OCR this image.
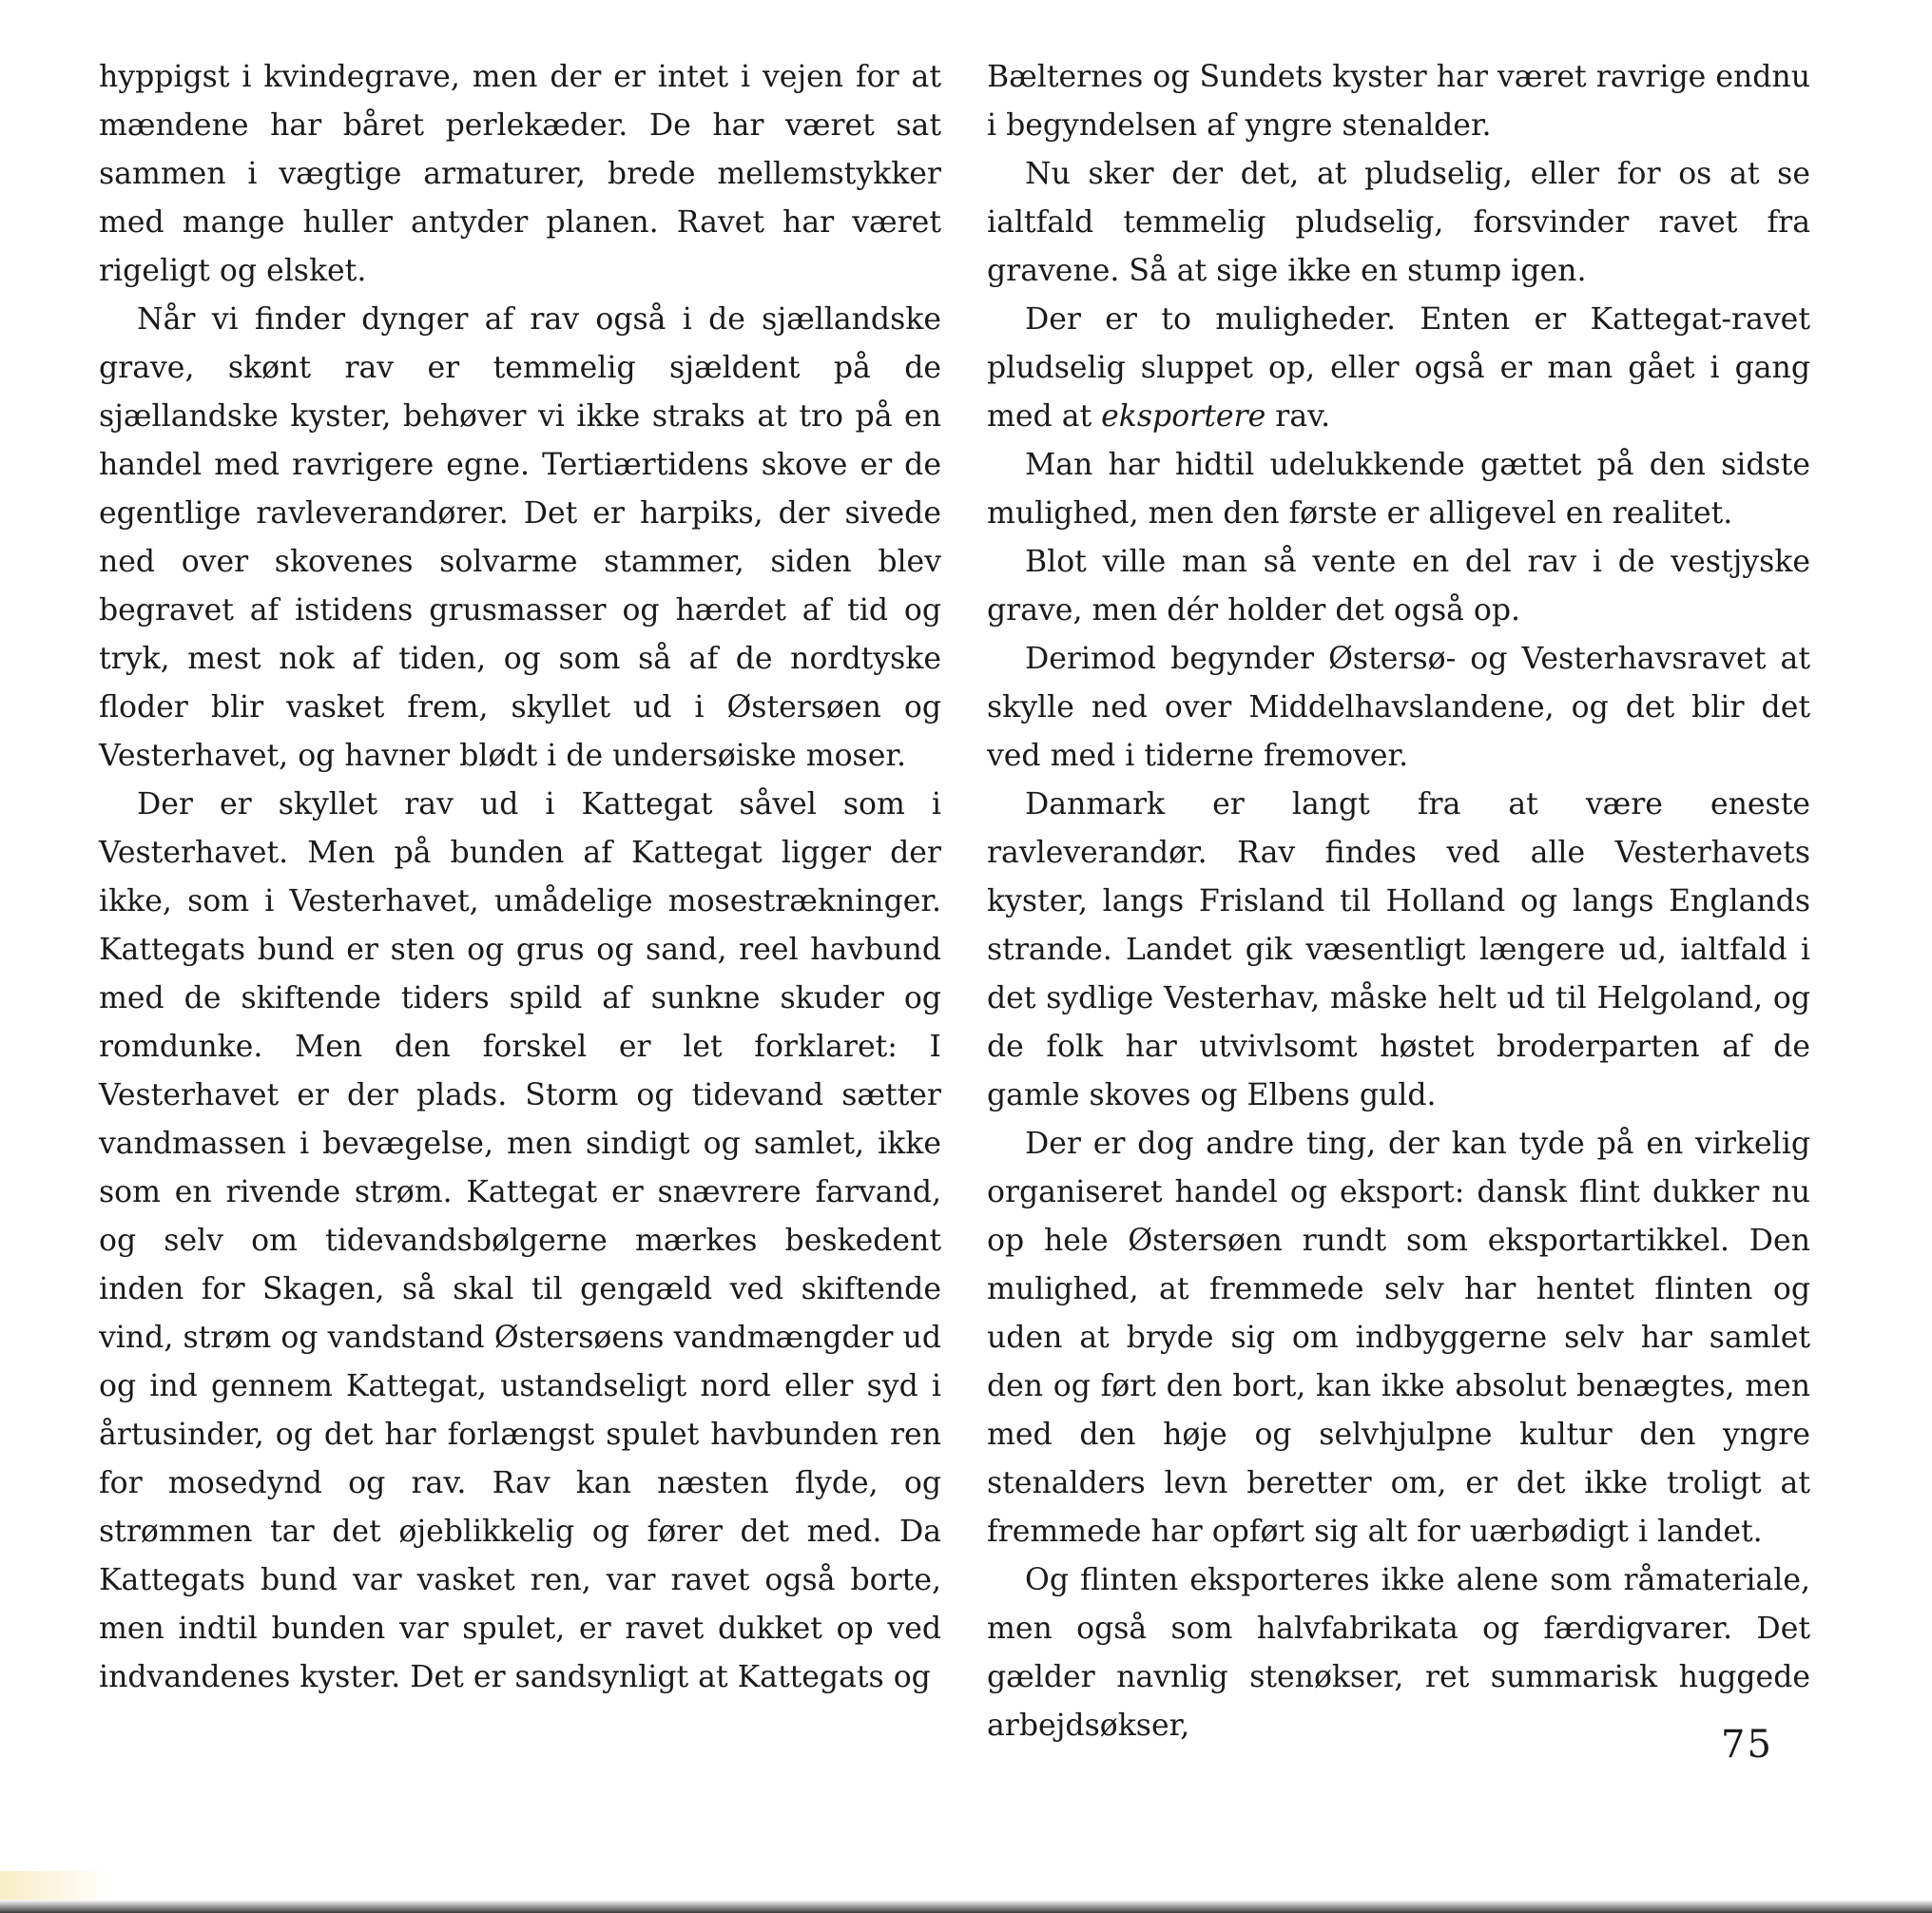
hyppigst i kvindegrave, men der er intet i vejen for at mændene har båret perlekæder. De har været sat sammen i vægtige armaturer, brede mellemstykker med mange huller antyder planen. Ravet har været rigeligt og elsket.

Når vi finder dynger af rav også i de sjællandske grave, skønt rav er temmelig sjældent på de sjællandske kyster, behøver vi ikke straks at tro på en handel med ravrigere egne. Tertiærtidens skove er de egentlige ravleverandører. Det er harpiks, der sivede ned over skovenes solvarme stammer, siden blev begravet af istidens grusmasser og hærdet af tid og tryk, mest nok af tiden, og som så af de nordtyske floder blir vasket frem, skyllet ud i Østersøen og Vesterhavet, og havner blødt i de undersøiske moser.

Der er skyllet rav ud i Kattegat såvel som i Vesterhavet. Men på bunden af Kattegat ligger der ikke, som i Vesterhavet, umådelige mosestrækninger. Kattegats bund er sten og grus og sand, reel havbund med de skiftende tiders spild af sunkne skuder og romdunke. Men den forskel er let forklaret: I Vesterhavet er der plads. Storm og tidevand sætter vandmassen i bevægelse, men sindigt og samlet, ikke som en rivende strøm. Kattegat er snævrere farvand, og selv om tidevandsbølgerne mærkes beskedent inden for Skagen, så skal til gengæld ved skiftende vind, strøm og vandstand Østersøens vandmængder ud og ind gennem Kattegat, ustandseligt nord eller syd i årtusinder, og det har forlængst spulet havbunden ren for mosedynd og rav. Rav kan næsten flyde, og strømmen tar det øjeblikkelig og fører det med. Da Kattegats bund var vasket ren, var ravet også borte, men indtil bunden var spulet, er ravet dukket op ved indvandenes kyster. Det er sandsynligt at Kattegats og

Bælternes og Sundets kyster har været ravrige endnu i begyndelsen af yngre stenalder.

Nu sker der det, at pludselig, eller for os at se ialtfald temmelig pludselig, forsvinder ravet fra gravene. Så at sige ikke en stump igen.

Der er to muligheder. Enten er Kattegat-ravet pludselig sluppet op, eller også er man gået i gang med at eksportere rav.

Man har hidtil udelukkende gættet på den sidste mulighed, men den første er alligevel en realitet.

Blot ville man så vente en del rav i de vestjyske grave, men dér holder det også op.

Derimod begynder Østersø- og Vesterhavsravet at skylle ned over Middelhavslandene, og det blir det ved med i tiderne fremover.

Danmark er langt fra at være eneste ravleverandør. Rav findes ved alle Vesterhavets kyster, langs Frisland til Holland og langs Englands strande. Landet gik væsentligt længere ud, ialtfald i det sydlige Vesterhav, måske helt ud til Helgoland, og de folk har utvivlsomt høstet broderparten af de gamle skoves og Elbens guld.

Der er dog andre ting, der kan tyde på en virkelig organiseret handel og eksport: dansk flint dukker nu op hele Østersøen rundt som eksportartikkel. Den mulighed, at fremmede selv har hentet flinten og uden at bryde sig om indbyggerne selv har samlet den og ført den bort, kan ikke absolut benægtes, men med den høje og selvhjulpne kultur den yngre stenalders levn beretter om, er det ikke troligt at fremmede har opført sig alt for uærbødigt i landet.

Og flinten eksporteres ikke alene som råmateriale, men også som halvfabrikata og færdigvarer. Det gælder navnlig stenøkser, ret summarisk huggede arbejdsøkser,	75
